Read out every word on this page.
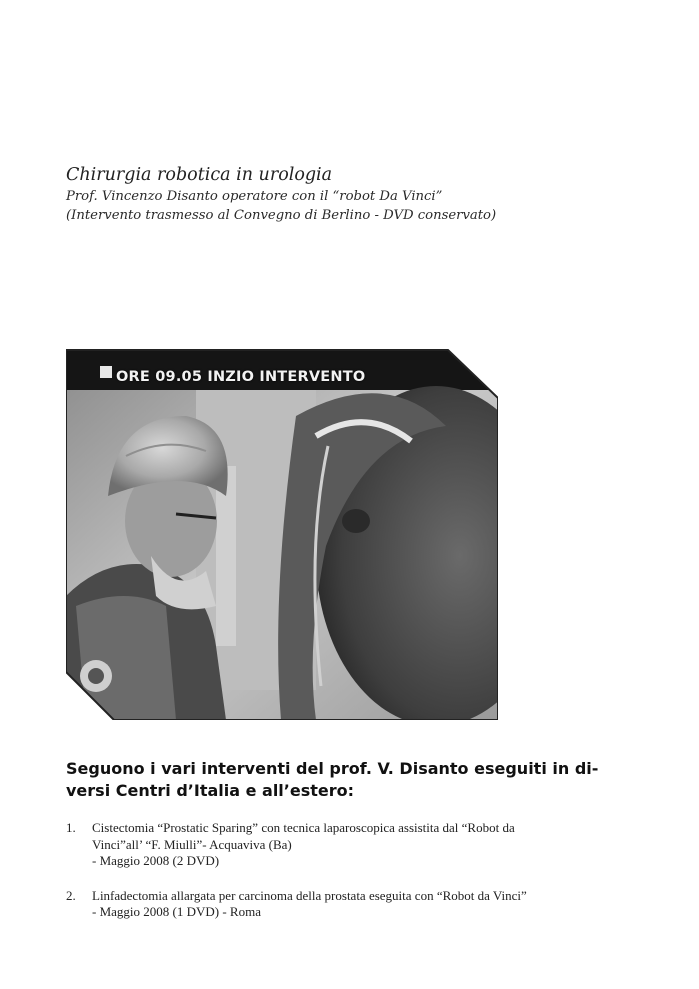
Chirurgia robotica in urologia

Prof. Vincenzo Disanto operatore con il “robot Da Vinci”

(Intervento trasmesso al Convegno di Berlino - DVD conservato)

ORE 09.05 INZIO INTERVENTO
Seguono i vari interventi del prof. V. Disanto eseguiti in di-
versi Centri d’Italia e all’estero:
1.	Cistectomia “Prostatic Sparing” con tecnica laparoscopica assistita dal “Robot da
Vinci”all’ “F. Miulli”- Acquaviva (Ba)
- Maggio 2008 (2 DVD)
2.	Linfadectomia allargata per carcinoma della prostata eseguita con “Robot da Vinci”
- Maggio 2008 (1 DVD) - Roma
